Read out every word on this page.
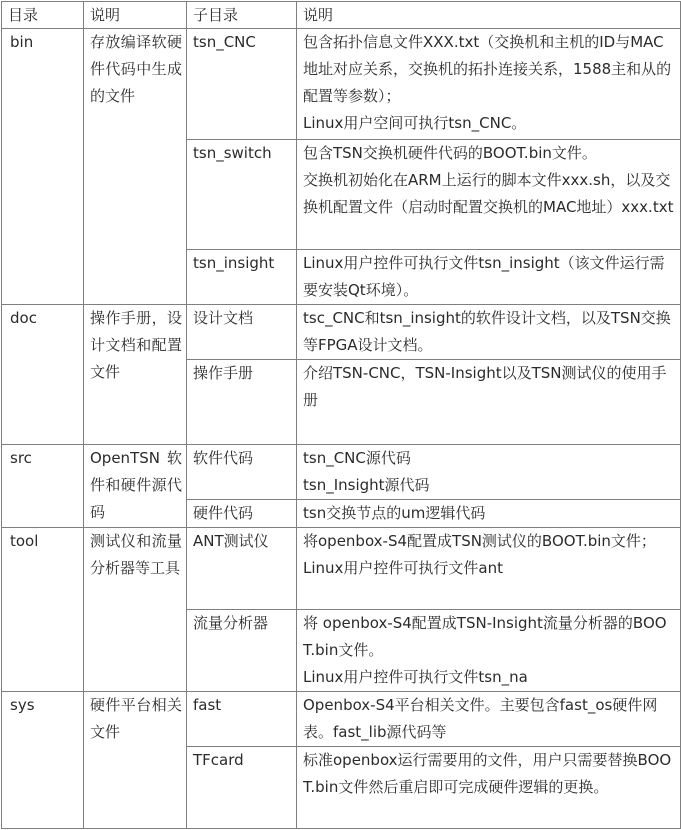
目录	说明	子目录	说明
bin	存放编译软硬件代码中生成的文件	tsn_CNC	包含拓扑信息文件XXX.txt（交换机和主机的ID与MAC地址对应关系，交换机的拓扑连接关系，1588主和从的配置等参数）；
Linux用户空间可执行tsn_CNC。

		tsn_switch	包含TSN交换机硬件代码的BOOT.bin文件。
交换机初始化在ARM上运行的脚本文件xxx.sh，以及交换机配置文件（启动时配置交换机的MAC地址）xxx.txt

		tsn_insight	Linux用户控件可执行文件tsn_insight（该文件运行需要安装Qt环境）。

doc	操作手册，设计文档和配置文件	设计文档	tsc_CNC和tsn_insight的软件设计文档，以及TSN交换等FPGA设计文档。

		操作手册	介绍TSN-CNC，TSN-Insight以及TSN测试仪的使用手册

src	OpenTSN软件和硬件源代码	软件代码	tsn_CNC源代码
tsn_Insight源代码

		硬件代码	tsn交换节点的um逻辑代码

tool	测试仪和流量分析器等工具	ANT测试仪	将openbox-S4配置成TSN测试仪的BOOT.bin文件；
Linux用户控件可执行文件ant

		流量分析器	将 openbox-S4配置成TSN-Insight流量分析器的BOOT.bin文件。
Linux用户控件可执行文件tsn_na

sys	硬件平台相关文件	fast	Openbox-S4平台相关文件。主要包含fast_os硬件网表。fast_lib源代码等

		TFcard	标准openbox运行需要用的文件，用户只需要替换BOOT.bin文件然后重启即可完成硬件逻辑的更换。
